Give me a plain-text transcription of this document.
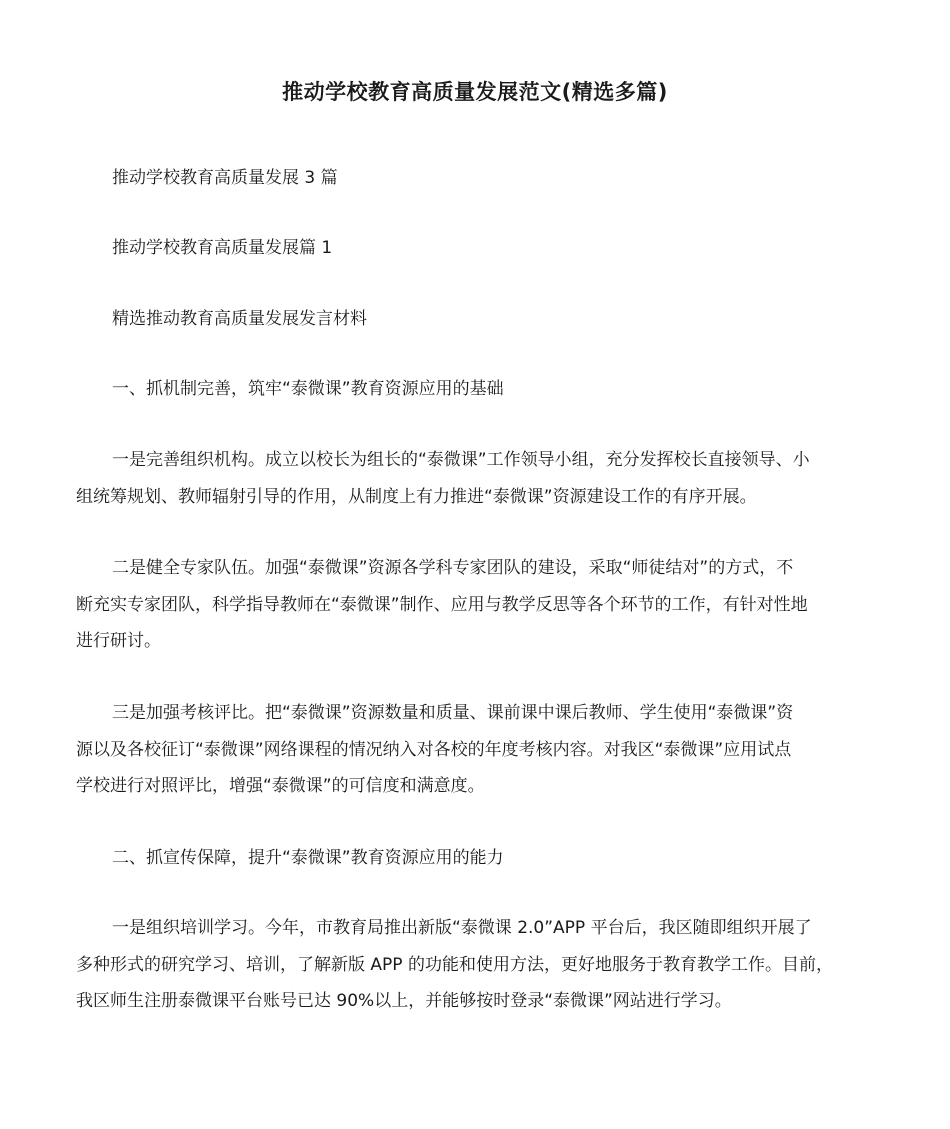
推动学校教育高质量发展范文(精选多篇)
推动学校教育高质量发展 3 篇
推动学校教育高质量发展篇 1
精选推动教育高质量发展发言材料
一、抓机制完善，筑牢“泰微课”教育资源应用的基础
一是完善组织机构。成立以校长为组长的“泰微课”工作领导小组，充分发挥校长直接领导、小
组统筹规划、教师辐射引导的作用，从制度上有力推进“泰微课”资源建设工作的有序开展。
二是健全专家队伍。加强“泰微课”资源各学科专家团队的建设，采取“师徒结对”的方式，不
断充实专家团队，科学指导教师在“泰微课”制作、应用与教学反思等各个环节的工作，有针对性地
进行研讨。
三是加强考核评比。把“泰微课”资源数量和质量、课前课中课后教师、学生使用“泰微课”资
源以及各校征订“泰微课”网络课程的情况纳入对各校的年度考核内容。对我区“泰微课”应用试点
学校进行对照评比，增强“泰微课”的可信度和满意度。
二、抓宣传保障，提升“泰微课”教育资源应用的能力
一是组织培训学习。今年，市教育局推出新版“泰微课 2.0”APP 平台后，我区随即组织开展了
多种形式的研究学习、培训，了解新版 APP 的功能和使用方法，更好地服务于教育教学工作。目前，
我区师生注册泰微课平台账号已达 90%以上，并能够按时登录“泰微课”网站进行学习。
